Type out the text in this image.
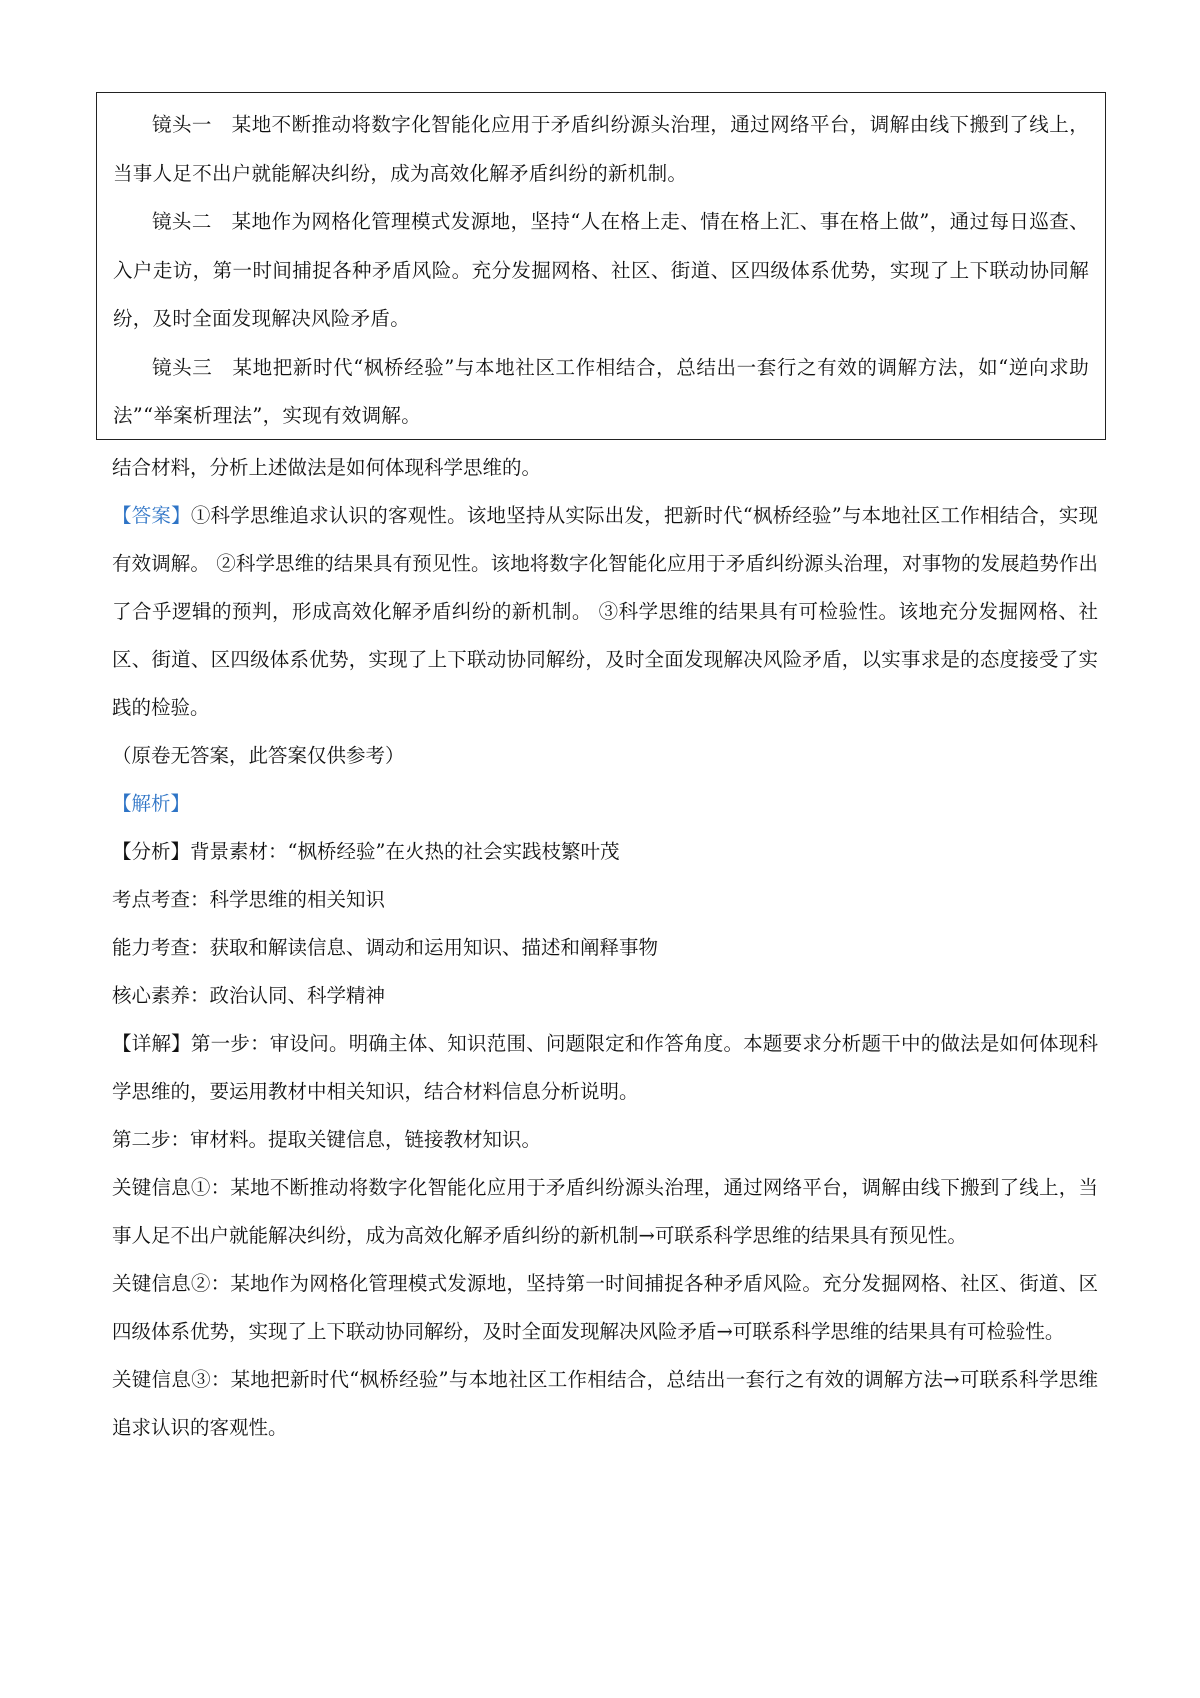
镜头一　某地不断推动将数字化智能化应用于矛盾纠纷源头治理，通过网络平台，调解由线下搬到了线上，当事人足不出户就能解决纠纷，成为高效化解矛盾纠纷的新机制。

镜头二　某地作为网格化管理模式发源地，坚持“人在格上走、情在格上汇、事在格上做”，通过每日巡查、入户走访，第一时间捕捉各种矛盾风险。充分发掘网格、社区、街道、区四级体系优势，实现了上下联动协同解纷，及时全面发现解决风险矛盾。

镜头三　某地把新时代“枫桥经验”与本地社区工作相结合，总结出一套行之有效的调解方法，如“逆向求助法”“举案析理法”，实现有效调解。

结合材料，分析上述做法是如何体现科学思维的。

【答案】①科学思维追求认识的客观性。该地坚持从实际出发，把新时代“枫桥经验”与本地社区工作相结合，实现有效调解。 ②科学思维的结果具有预见性。该地将数字化智能化应用于矛盾纠纷源头治理，对事物的发展趋势作出了合乎逻辑的预判，形成高效化解矛盾纠纷的新机制。 ③科学思维的结果具有可检验性。该地充分发掘网格、社区、街道、区四级体系优势，实现了上下联动协同解纷，及时全面发现解决风险矛盾，以实事求是的态度接受了实践的检验。

（原卷无答案，此答案仅供参考）

【解析】

【分析】背景素材：“枫桥经验”在火热的社会实践枝繁叶茂

考点考查：科学思维的相关知识

能力考查：获取和解读信息、调动和运用知识、描述和阐释事物

核心素养：政治认同、科学精神

【详解】第一步：审设问。明确主体、知识范围、问题限定和作答角度。本题要求分析题干中的做法是如何体现科学思维的，要运用教材中相关知识，结合材料信息分析说明。

第二步：审材料。提取关键信息，链接教材知识。

关键信息①：某地不断推动将数字化智能化应用于矛盾纠纷源头治理，通过网络平台，调解由线下搬到了线上，当事人足不出户就能解决纠纷，成为高效化解矛盾纠纷的新机制→可联系科学思维的结果具有预见性。

关键信息②：某地作为网格化管理模式发源地，坚持第一时间捕捉各种矛盾风险。充分发掘网格、社区、街道、区四级体系优势，实现了上下联动协同解纷，及时全面发现解决风险矛盾→可联系科学思维的结果具有可检验性。

关键信息③：某地把新时代“枫桥经验”与本地社区工作相结合，总结出一套行之有效的调解方法→可联系科学思维追求认识的客观性。
